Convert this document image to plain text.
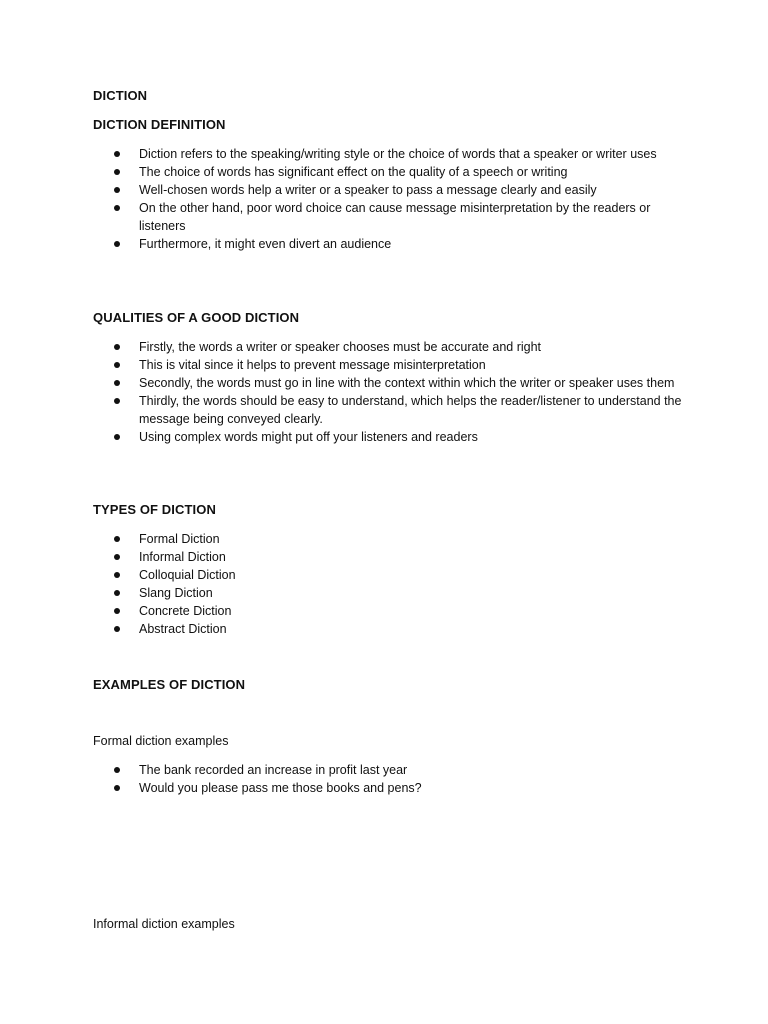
DICTION
DICTION DEFINITION
Diction refers to the speaking/writing style or the choice of words that a speaker or writer uses
The choice of words has significant effect on the quality of a speech or writing
Well-chosen words help a writer or a speaker to pass a message clearly and easily
On the other hand, poor word choice can cause message misinterpretation by the readers or listeners
Furthermore, it might even divert an audience
QUALITIES OF A GOOD DICTION
Firstly, the words a writer or speaker chooses must be accurate and right
This is vital since it helps to prevent message misinterpretation
Secondly, the words must go in line with the context within which the writer or speaker uses them
Thirdly, the words should be easy to understand, which helps the reader/listener to understand the message being conveyed clearly.
Using complex words might put off your listeners and readers
TYPES OF DICTION
Formal Diction
Informal Diction
Colloquial Diction
Slang Diction
Concrete Diction
Abstract Diction
EXAMPLES OF DICTION
Formal diction examples
The bank recorded an increase in profit last year
Would you please pass me those books and pens?
Informal diction examples
